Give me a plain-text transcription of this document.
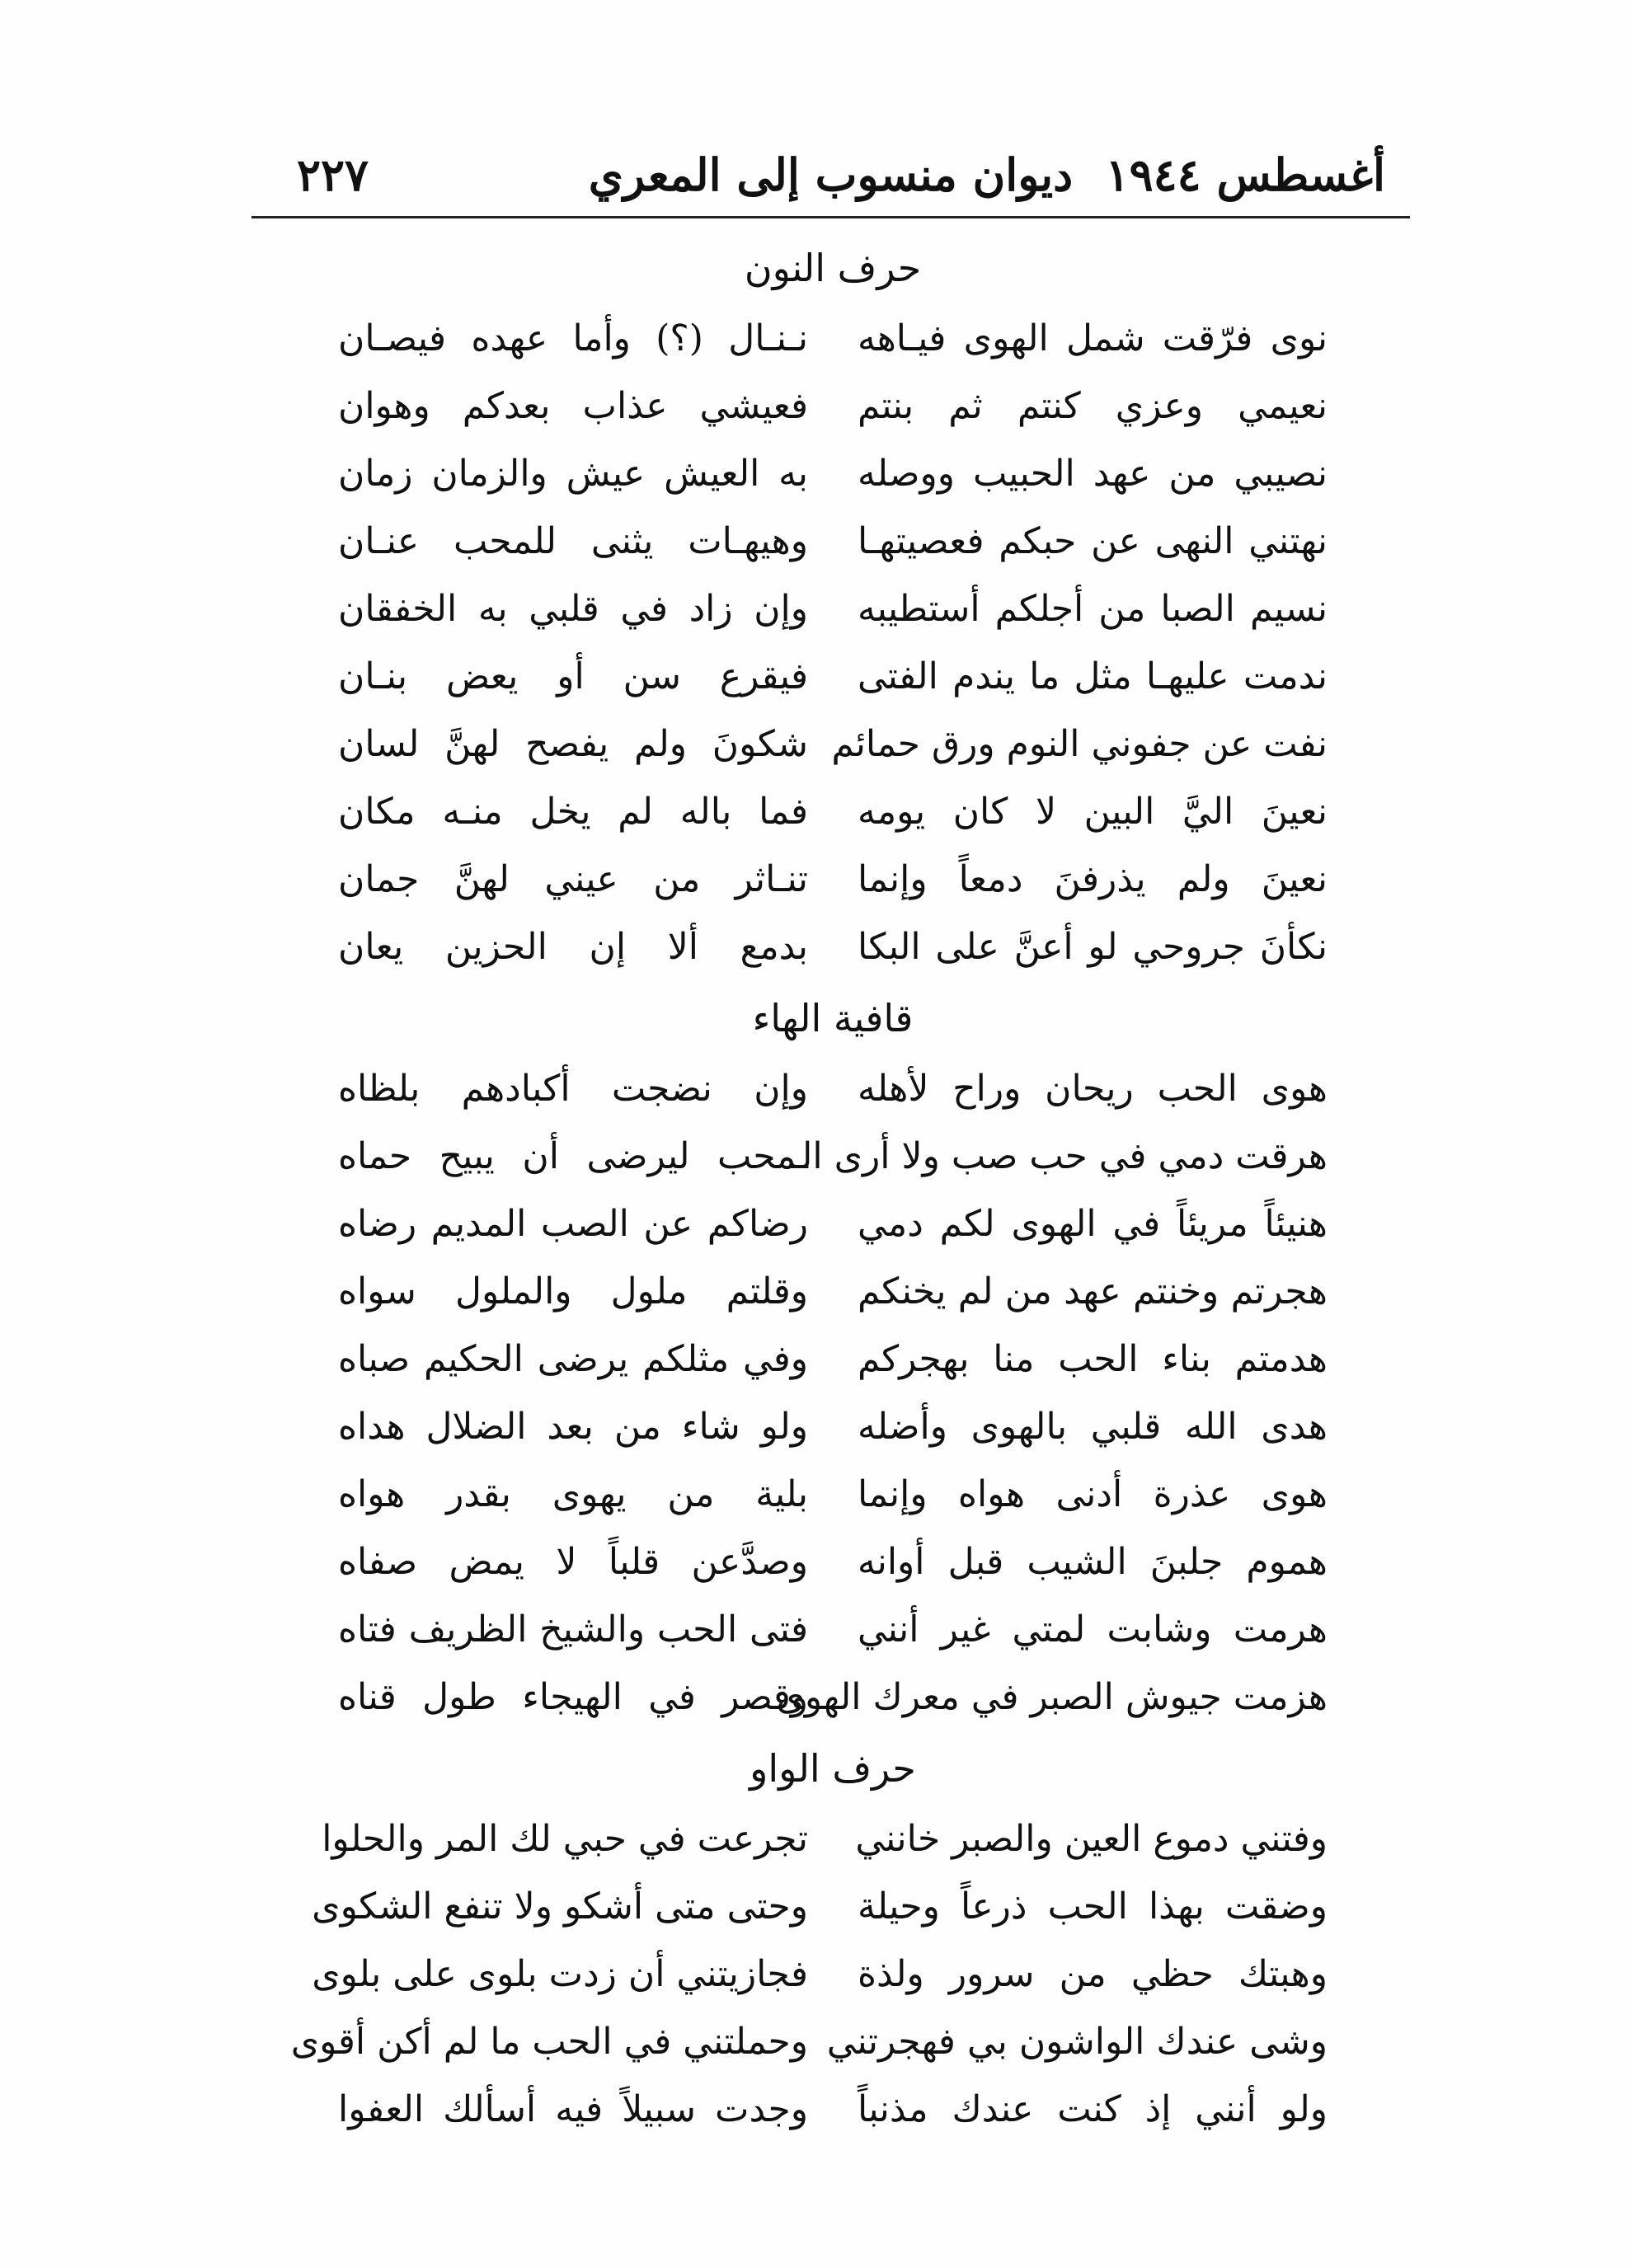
أغسطس ١٩٤٤
ديوان منسوب إلى المعري
٢٢٧
حرف النون
نوى فرّقت شمل الهوى فيـاهه
نـنـال (؟) وأما عهده فيصـان
نعيمي وعزي كنتم ثم بنتم
فعيشي عذاب بعدكم وهوان
نصيبي من عهد الحبيب ووصله
به العيش عيش والزمان زمان
نهتني النهى عن حبكم فعصيتهـا
وهيهـات يثنى للمحب عنـان
نسيم الصبا من أجلكم أستطيبه
وإن زاد في قلبي به الخفقان
ندمت عليهـا مثل ما يندم الفتى
فيقرع سن أو يعض بنـان
نفت عن جفوني النوم ورق حمائم
شكونَ ولم يفصح لهنَّ لسان
نعينَ اليَّ البين لا كان يومه
فما باله لم يخل منـه مكان
نعينَ ولم يذرفنَ دمعاً وإنما
تنـاثر من عيني لهنَّ جمان
نكأنَ جروحي لو أعنَّ على البكا
بدمع ألا إن الحزين يعان
قافية الهاء
هوى الحب ريحان وراح لأهله
وإن نضجت أكبادهم بلظاه
هرقت دمي في حب صب ولا أرى الـ
ـمحب ليرضى أن يبيح حماه
هنيئاً مريئاً في الهوى لكم دمي
رضاكم عن الصب المديم رضاه
هجرتم وخنتم عهد من لم يخنكم
وقلتم ملول والملول سواه
هدمتم بناء الحب منا بهجركم
وفي مثلكم يرضى الحكيم صباه
هدى الله قلبي بالهوى وأضله
ولو شاء من بعد الضلال هداه
هوى عذرة أدنى هواه وإنما
بلية من يهوى بقدر هواه
هموم جلبنَ الشيب قبل أوانه
وصدَّعن قلباً لا يمض صفاه
هرمت وشابت لمتي غير أنني
فتى الحب والشيخ الظريف فتاه
هزمت جيوش الصبر في معرك الهوى
وقصر في الهيجاء طول قناه
حرف الواو
وفتني دموع العين والصبر خانني
تجرعت في حبي لك المر والحلوا
وضقت بهذا الحب ذرعاً وحيلة
وحتى متى أشكو ولا تنفع الشكوى
وهبتك حظي من سرور ولذة
فجازيتني أن زدت بلوى على بلوى
وشى عندك الواشون بي فهجرتني
وحملتني في الحب ما لم أكن أقوى
ولو أنني إذ كنت عندك مذنباً
وجدت سبيلاً فيه أسألك العفوا
